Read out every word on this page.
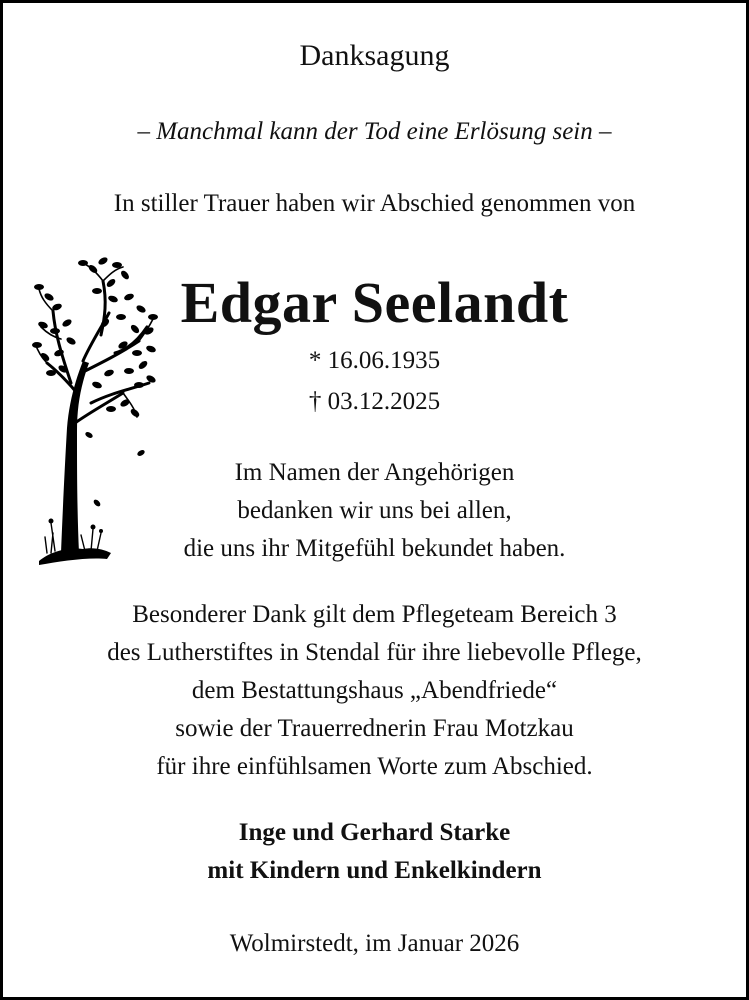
Danksagung
– Manchmal kann der Tod eine Erlösung sein –
In stiller Trauer haben wir Abschied genommen von
Edgar Seelandt
* 16.06.1935
† 03.12.2025
Im Namen der Angehörigen
bedanken wir uns bei allen,
die uns ihr Mitgefühl bekundet haben.
Besonderer Dank gilt dem Pflegeteam Bereich 3
des Lutherstiftes in Stendal für ihre liebevolle Pflege,
dem Bestattungshaus „Abendfriede“
sowie der Trauerrednerin Frau Motzkau
für ihre einfühlsamen Worte zum Abschied.
Inge und Gerhard Starke
mit Kindern und Enkelkindern
Wolmirstedt, im Januar 2026
